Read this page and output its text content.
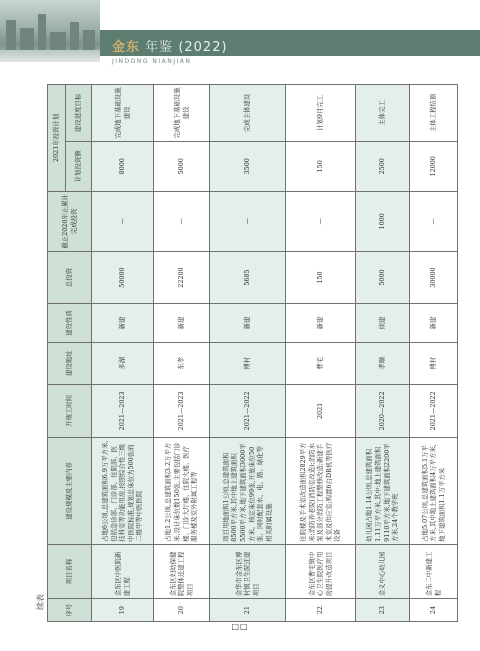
金东 年鉴 (2022)
JINDONG NIANJIAN
续表
序号	项目名称	建设规模及主要内容	开竣工时间	建设地址	建设性质	总投资	截止2020年止累计完成投资	2021年投资计划	
								计划投资额	建设进度目标
19	金东区中医院新建工程	占地6公顷,总建筑面积6.9万平方米,包括急诊部、门诊部、住院部、医技科室等功能用房,按照综合性三级中医院标准,规划总床位为500张的二级甲等中医医院	2021—2023	多湖	新建	50000	—	8000	完成地下基础设施建设
20	金东区妇幼保健院整体迁建工程项目	占地1.2公顷,总建筑面积3.2万平方米,设计床位数150张,主要包括门诊楼、门诊大厅楼、住院大楼、医疗服务楼及室外附属工程等	2021—2023	东孝	新建	22200	—	5000	完成地下基础设施建设
21	金华市金东区傅村镇卫生院迁建项目	项目用地面积1公顷,总建筑面积8500平方米,其中地上建筑面积5500平方米,地下建筑面积3000平方米。核定床位99张,开放床位50张。同时配套水、电、路、绿化等相关附属设施	2021—2022	傅村	新建	5685	—	3500	完成主体建设
22	金东区曹宅镇中心卫生院医疗用房提升改造项目	住院楼及手术室改造面积2829平方米;消防养老院(消防室改造);消防水泵及部分消防工程整修改造;新建手术室及供应室;购置6台DR机等医疗设备	2021	曹宅	新建	150	—	150	计划9月完工
23	金义中心幼儿园	幼儿园占地1.14公顷,总建筑面积1.11万平方米,其中:地上建筑面积9110平方米,地下建筑面积2200平方米,24个教学班	2020—2022	孝顺	续建	5000	1000	2500	主体完工
24	金东二中新建工程	占地5.07公顷,总建筑面积5.1万平方米,其中地上建筑面积4万平方米,地下建筑面积1.1万平方米	2021—2022	傅村	新建	30000	—	12000	主体工程结顶
□□
